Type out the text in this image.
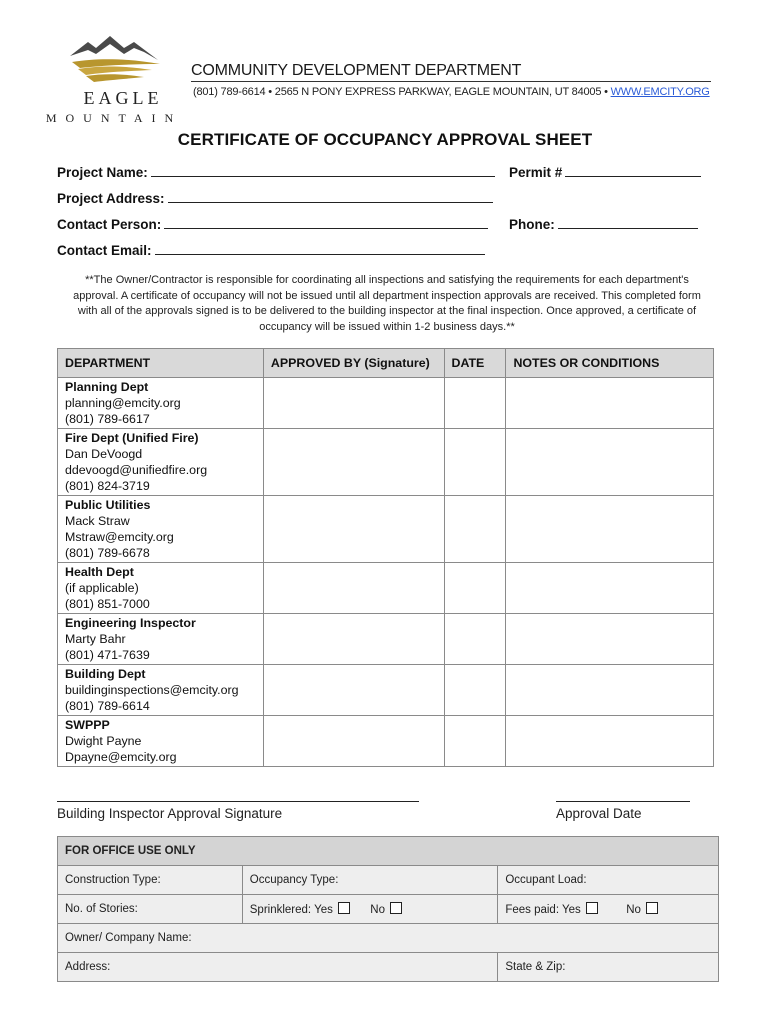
EAGLE
MOUNTAIN
COMMUNITY DEVELOPMENT DEPARTMENT
(801) 789-6614 • 2565 N PONY EXPRESS PARKWAY, EAGLE MOUNTAIN, UT 84005 • WWW.EMCITY.ORG
CERTIFICATE OF OCCUPANCY APPROVAL SHEET
Project Name:	Permit #
Project Address:
Contact Person:	Phone:
Contact Email:
**The Owner/Contractor is responsible for coordinating all inspections and satisfying the requirements for each department's approval. A certificate of occupancy will not be issued until all department inspection approvals are received. This completed form with all of the approvals signed is to be delivered to the building inspector at the final inspection. Once approved, a certificate of occupancy will be issued within 1-2 business days.**
DEPARTMENT	APPROVED BY (Signature)	DATE	NOTES OR CONDITIONS

Planning Dept
planning@emcity.org
(801) 789-6617			

Fire Dept (Unified Fire)
Dan DeVoogd
ddevoogd@unifiedfire.org
(801) 824-3719			

Public Utilities
Mack Straw
Mstraw@emcity.org
(801) 789-6678			

Health Dept
(if applicable)
(801) 851-7000			

Engineering Inspector
Marty Bahr
(801) 471-7639			

Building Dept
buildinginspections@emcity.org
(801) 789-6614			

SWPPP
Dwight Payne
Dpayne@emcity.org			

Building Inspector Approval Signature	Approval Date
FOR OFFICE USE ONLY		
Construction Type:	Occupancy Type:	Occupant Load:
No. of Stories:	Sprinklered: Yes No	Fees paid: Yes No
Owner/ Company Name:		
Address:		State & Zip:
